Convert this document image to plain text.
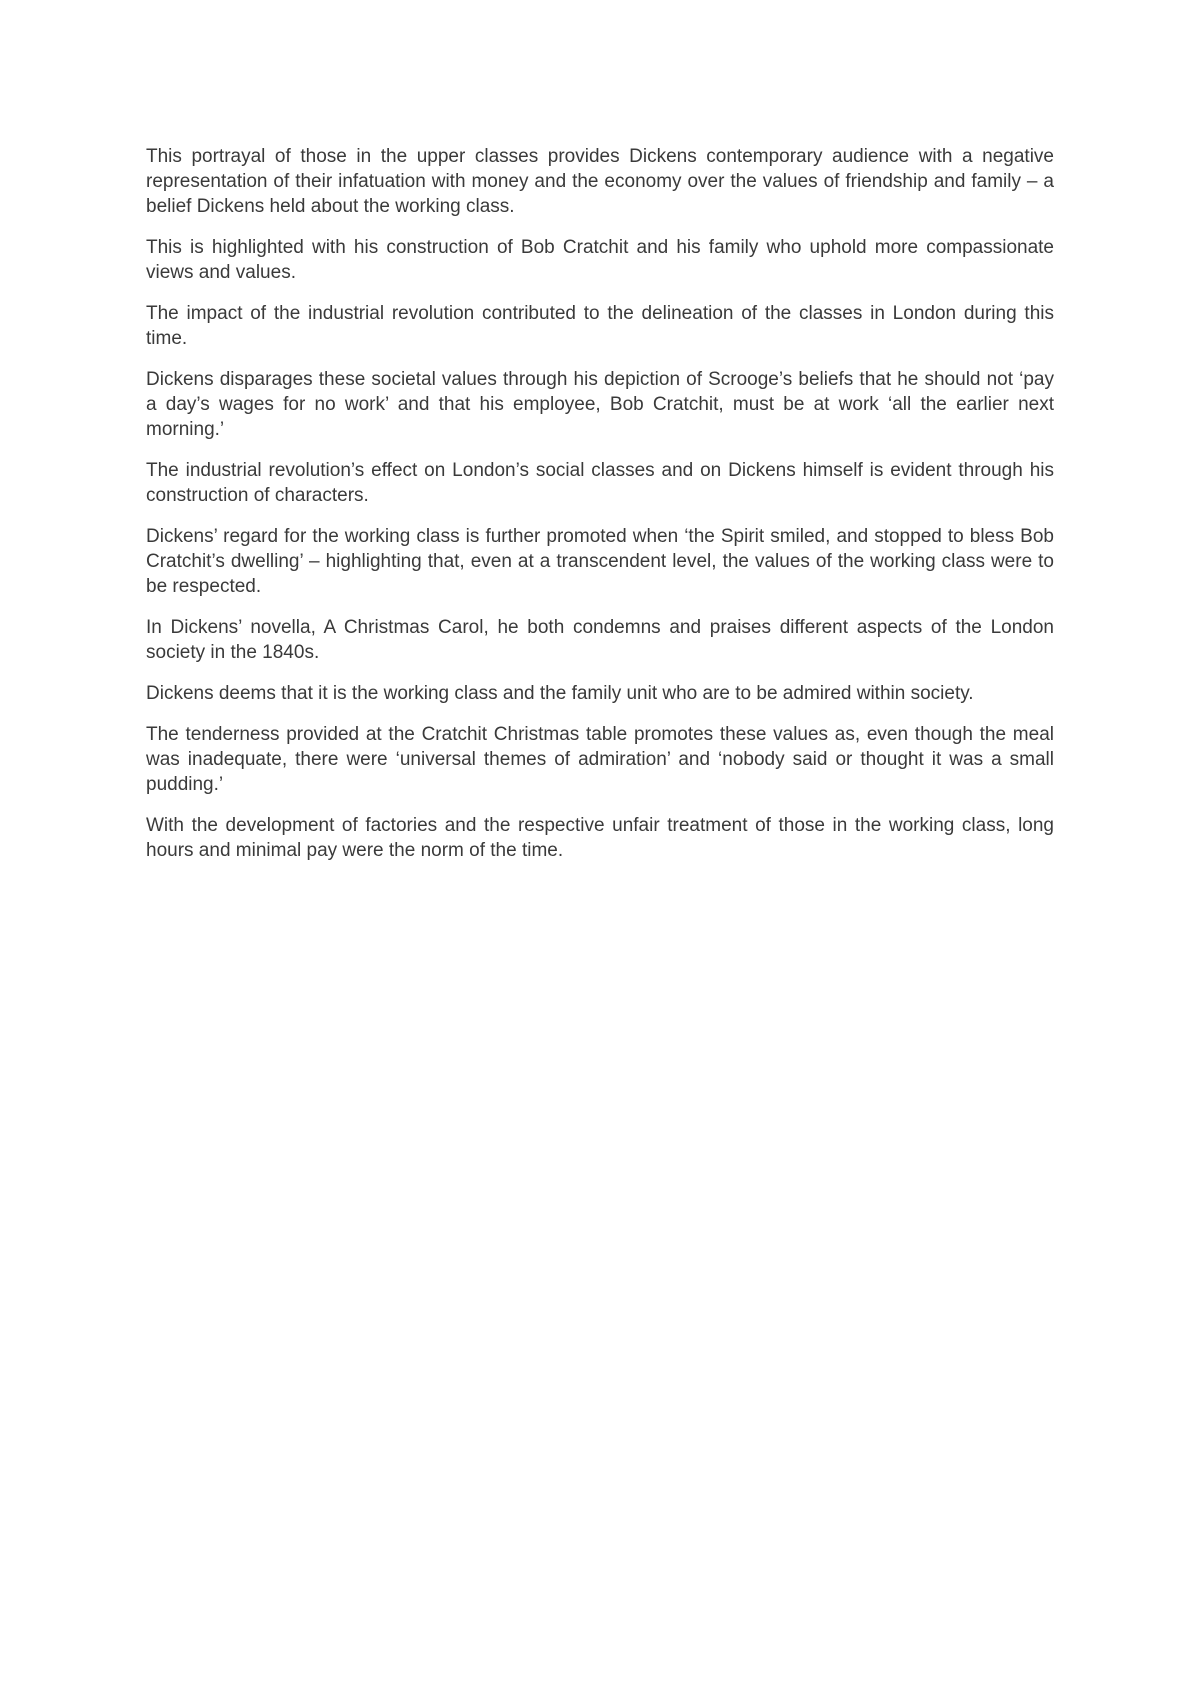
This portrayal of those in the upper classes provides Dickens contemporary audience with a negative representation of their infatuation with money and the economy over the values of friendship and family – a belief Dickens held about the working class.

This is highlighted with his construction of Bob Cratchit and his family who uphold more compassionate views and values.

The impact of the industrial revolution contributed to the delineation of the classes in London during this time.

Dickens disparages these societal values through his depiction of Scrooge’s beliefs that he should not ‘pay a day’s wages for no work’ and that his employee, Bob Cratchit, must be at work ‘all the earlier next morning.’

The industrial revolution’s effect on London’s social classes and on Dickens himself is evident through his construction of characters.

Dickens’ regard for the working class is further promoted when ‘the Spirit smiled, and stopped to bless Bob Cratchit’s dwelling’ – highlighting that, even at a transcendent level, the values of the working class were to be respected.

In Dickens’ novella, A Christmas Carol, he both condemns and praises different aspects of the London society in the 1840s.

Dickens deems that it is the working class and the family unit who are to be admired within society.

The tenderness provided at the Cratchit Christmas table promotes these values as, even though the meal was inadequate, there were ‘universal themes of admiration’ and ‘nobody said or thought it was a small pudding.’

With the development of factories and the respective unfair treatment of those in the working class, long hours and minimal pay were the norm of the time.
